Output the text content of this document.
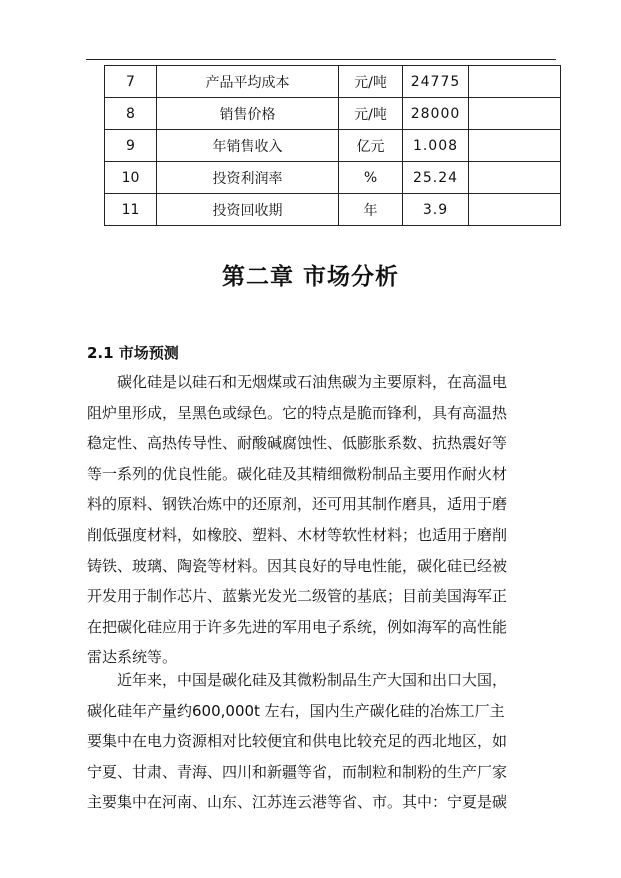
7	产品平均成本	元/吨	24775	
8	销售价格	元/吨	28000	
9	年销售收入	亿元	1.008	
10	投资利润率	%	25.24	
11	投资回收期	年	3.9	
第二章 市场分析
2.1 市场预测
碳化硅是以硅石和无烟煤或石油焦碳为主要原料，在高温电
阻炉里形成，呈黑色或绿色。它的特点是脆而锋利，具有高温热
稳定性、高热传导性、耐酸碱腐蚀性、低膨胀系数、抗热震好等
等一系列的优良性能。碳化硅及其精细微粉制品主要用作耐火材
料的原料、钢铁冶炼中的还原剂，还可用其制作磨具，适用于磨
削低强度材料，如橡胶、塑料、木材等软性材料；也适用于磨削
铸铁、玻璃、陶瓷等材料。因其良好的导电性能，碳化硅已经被
开发用于制作芯片、蓝紫光发光二级管的基底；目前美国海军正
在把碳化硅应用于许多先进的军用电子系统，例如海军的高性能
雷达系统等。
近年来，中国是碳化硅及其微粉制品生产大国和出口大国，
碳化硅年产量约600,000t 左右，国内生产碳化硅的冶炼工厂主
要集中在电力资源相对比较便宜和供电比较充足的西北地区，如
宁夏、甘肃、青海、四川和新疆等省，而制粒和制粉的生产厂家
主要集中在河南、山东、江苏连云港等省、市。其中：宁夏是碳
